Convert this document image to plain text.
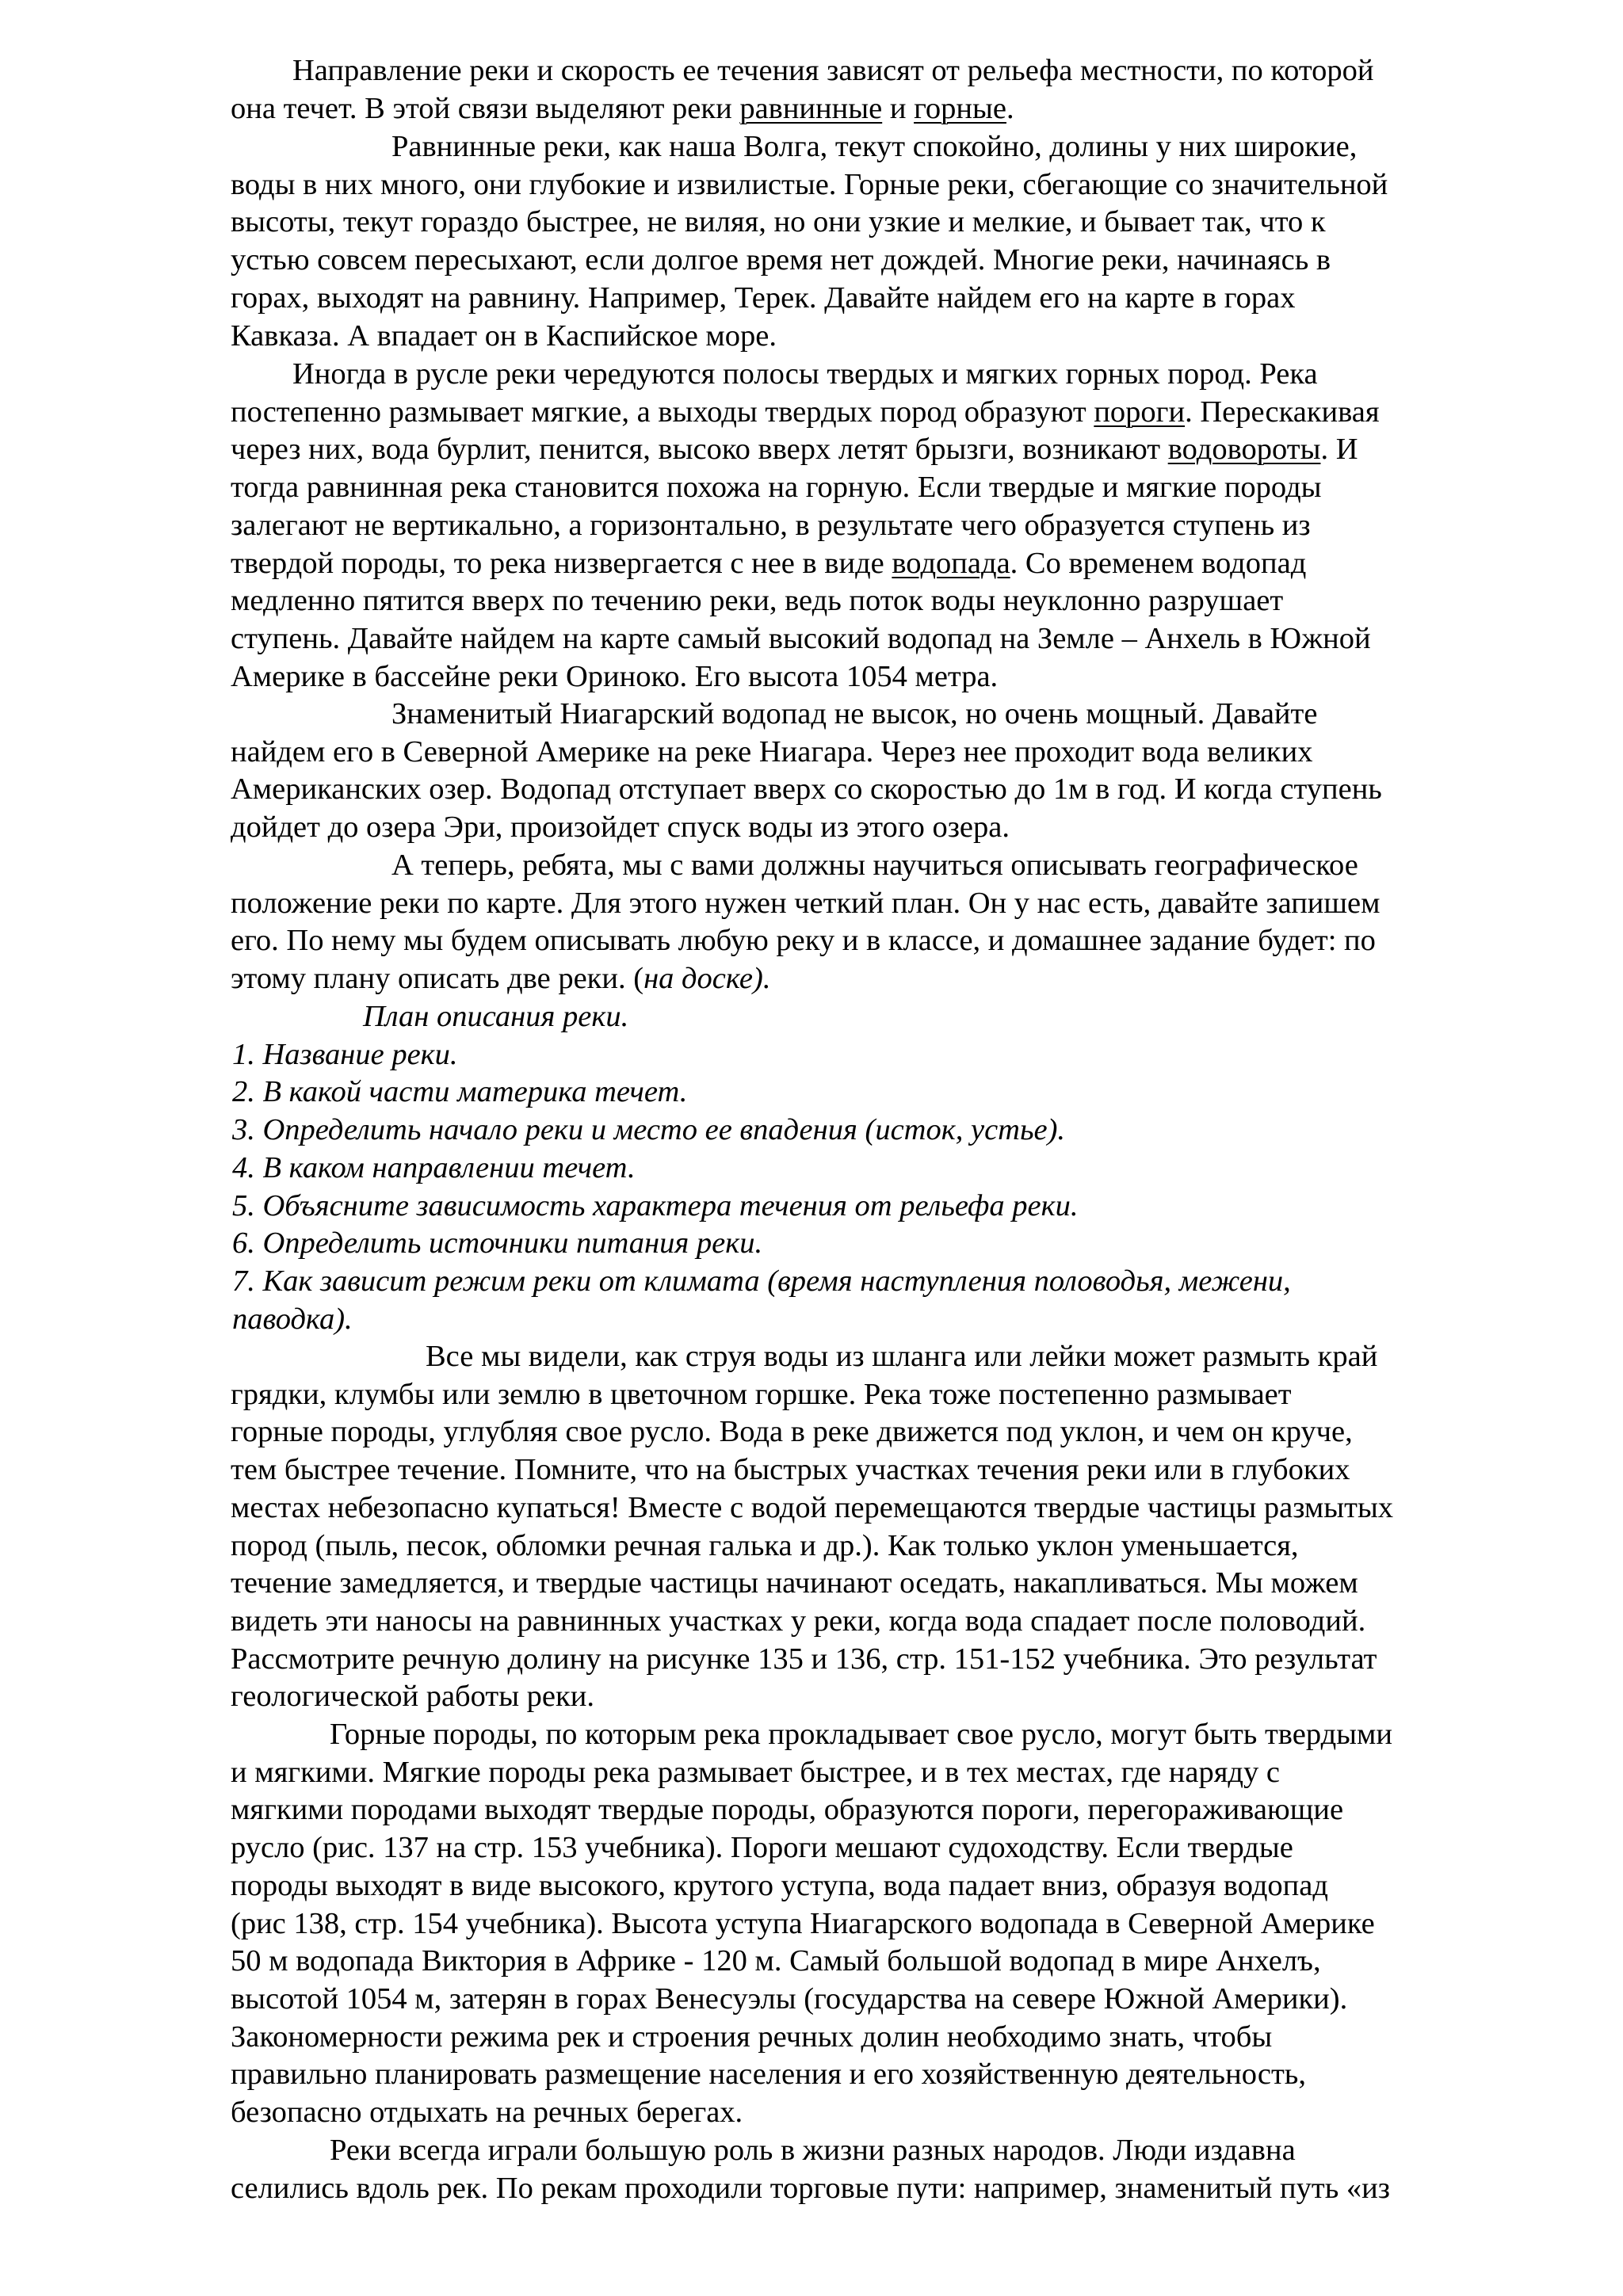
Направление реки и скорость ее течения зависят от рельефа местности, по которой
она течет. В этой связи выделяют реки равнинные и горные.
Равнинные реки, как наша Волга, текут спокойно, долины у них широкие,
воды в них много, они глубокие и извилистые. Горные реки, сбегающие со значительной
высоты, текут гораздо быстрее, не виляя, но они узкие и мелкие, и бывает так, что к
устью совсем пересыхают, если долгое время нет дождей. Многие реки, начинаясь в
горах, выходят на равнину. Например, Терек. Давайте найдем его на карте в горах
Кавказа. А впадает он в Каспийское море.
Иногда в русле реки чередуются полосы твердых и мягких горных пород. Река
постепенно размывает мягкие, а выходы твердых пород образуют пороги. Перескакивая
через них, вода бурлит, пенится, высоко вверх летят брызги, возникают водовороты. И
тогда равнинная река становится похожа на горную. Если твердые и мягкие породы
залегают не вертикально, а горизонтально, в результате чего образуется ступень из
твердой породы, то река низвергается с нее в виде водопада. Со временем водопад
медленно пятится вверх по течению реки, ведь поток воды неуклонно разрушает
ступень. Давайте найдем на карте самый высокий водопад на Земле – Анхель в Южной
Америке в бассейне реки Ориноко. Его высота 1054 метра.
Знаменитый Ниагарский водопад не высок, но очень мощный. Давайте
найдем его в Северной Америке на реке Ниагара. Через нее проходит вода великих
Американских озер. Водопад отступает вверх со скоростью до 1м в год. И когда ступень
дойдет до озера Эри, произойдет спуск воды из этого озера.
А теперь, ребята, мы с вами должны научиться описывать географическое
положение реки по карте. Для этого нужен четкий план. Он у нас есть, давайте запишем
его. По нему мы будем описывать любую реку и в классе, и домашнее задание будет: по
этому плану описать две реки. (на доске).
План описания реки.
1. Название реки.
2. В какой части материка течет.
3. Определить начало реки и место ее впадения (исток, устье).
4. В каком направлении течет.
5. Объясните зависимость характера течения от рельефа реки.
6. Определить источники питания реки.
7. Как зависит режим реки от климата (время наступления половодья, межени,
паводка).
Все мы видели, как струя воды из шланга или лейки может размыть край
грядки, клумбы или землю в цветочном горшке. Река тоже постепенно размывает
горные породы, углубляя свое русло. Вода в реке движется под уклон, и чем он круче,
тем быстрее течение. Помните, что на быстрых участках течения реки или в глубоких
местах небезопасно купаться! Вместе с водой перемещаются твердые частицы размытых
пород (пыль, песок, обломки речная галька и др.). Как только уклон уменьшается,
течение замедляется, и твердые частицы начинают оседать, накапливаться. Мы можем
видеть эти наносы на равнинных участках у реки, когда вода спадает после половодий.
Рассмотрите речную долину на рисунке 135 и 136, стр. 151-152 учебника. Это результат
геологической работы реки.
Горные породы, по которым река прокладывает свое русло, могут быть твердыми
и мягкими. Мягкие породы река размывает быстрее, и в тех местах, где наряду с
мягкими породами выходят твердые породы, образуются пороги, перегораживающие
русло (рис. 137 на стр. 153 учебника). Пороги мешают судоходству. Если твердые
породы выходят в виде высокого, крутого уступа, вода падает вниз, образуя водопад
(рис 138, стр. 154 учебника). Высота уступа Ниагарского водопада в Северной Америке
50 м водопада Виктория в Африке - 120 м. Самый большой водопад в мире Анхелъ,
высотой 1054 м, затерян в горах Венесуэлы (государства на севере Южной Америки).
Закономерности режима рек и строения речных долин необходимо знать, чтобы
правильно планировать размещение населения и его хозяйственную деятельность,
безопасно отдыхать на речных берегах.
Реки всегда играли большую роль в жизни разных народов. Люди издавна
селились вдоль рек. По рекам проходили торговые пути: например, знаменитый путь «из
